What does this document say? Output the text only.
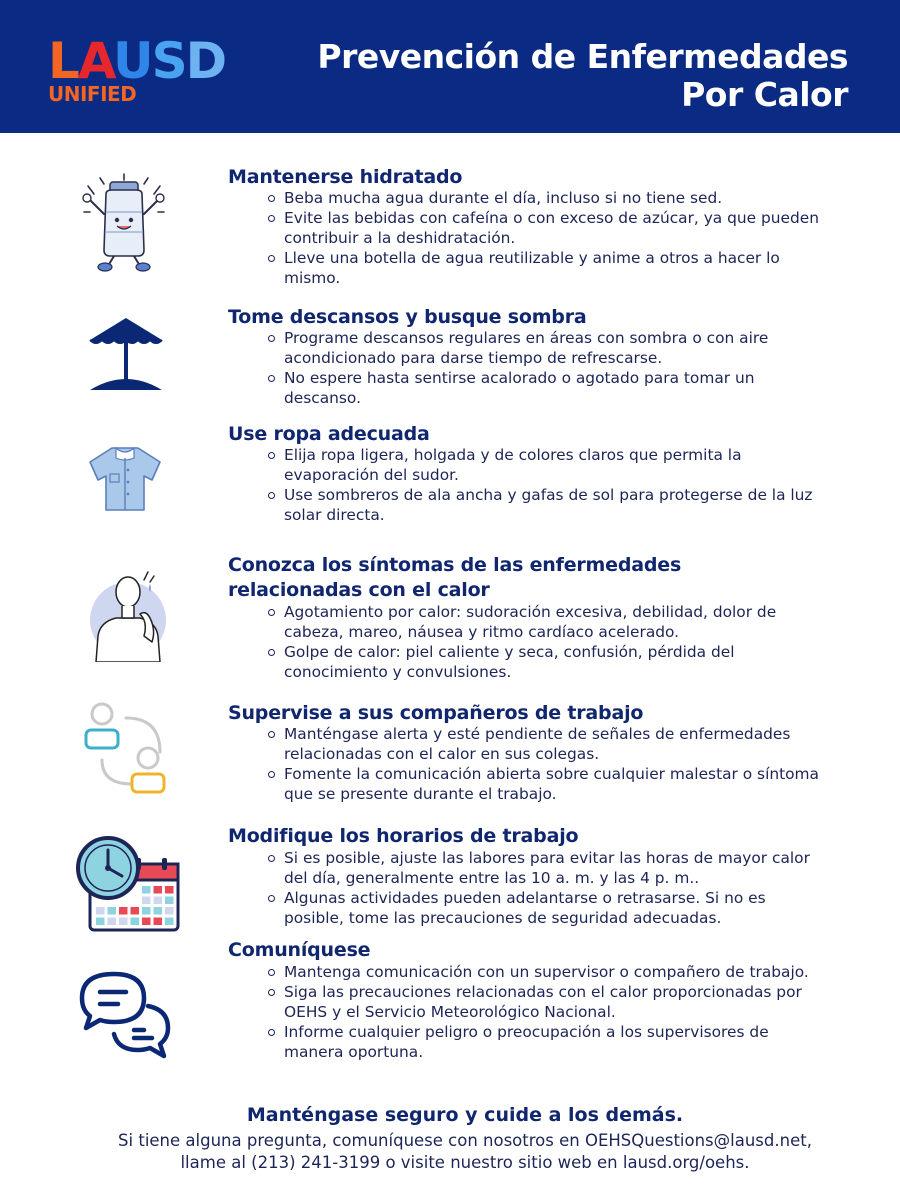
LAUSD
UNIFIED
Prevención de Enfermedades
Por Calor
Mantenerse hidratado
Beba mucha agua durante el día, incluso si no tiene sed.
Evite las bebidas con cafeína o con exceso de azúcar, ya que pueden contribuir a la deshidratación.
Lleve una botella de agua reutilizable y anime a otros a hacer lo mismo.
Tome descansos y busque sombra
Programe descansos regulares en áreas con sombra o con aire acondicionado para darse tiempo de refrescarse.
No espere hasta sentirse acalorado o agotado para tomar un descanso.
Use ropa adecuada
Elija ropa ligera, holgada y de colores claros que permita la evaporación del sudor.
Use sombreros de ala ancha y gafas de sol para protegerse de la luz solar directa.
Conozca los síntomas de las enfermedades
relacionadas con el calor
Agotamiento por calor: sudoración excesiva, debilidad, dolor de cabeza, mareo, náusea y ritmo cardíaco acelerado.
Golpe de calor: piel caliente y seca, confusión, pérdida del conocimiento y convulsiones.
Supervise a sus compañeros de trabajo
Manténgase alerta y esté pendiente de señales de enfermedades relacionadas con el calor en sus colegas.
Fomente la comunicación abierta sobre cualquier malestar o síntoma que se presente durante el trabajo.
Modifique los horarios de trabajo
Si es posible, ajuste las labores para evitar las horas de mayor calor del día, generalmente entre las 10 a. m. y las 4 p. m..
Algunas actividades pueden adelantarse o retrasarse. Si no es posible, tome las precauciones de seguridad adecuadas.
Comuníquese
Mantenga comunicación con un supervisor o compañero de trabajo.
Siga las precauciones relacionadas con el calor proporcionadas por OEHS y el Servicio Meteorológico Nacional.
Informe cualquier peligro o preocupación a los supervisores de manera oportuna.
Manténgase seguro y cuide a los demás.
Si tiene alguna pregunta, comuníquese con nosotros en OEHSQuestions@lausd.net,
llame al (213) 241-3199 o visite nuestro sitio web en lausd.org/oehs.
